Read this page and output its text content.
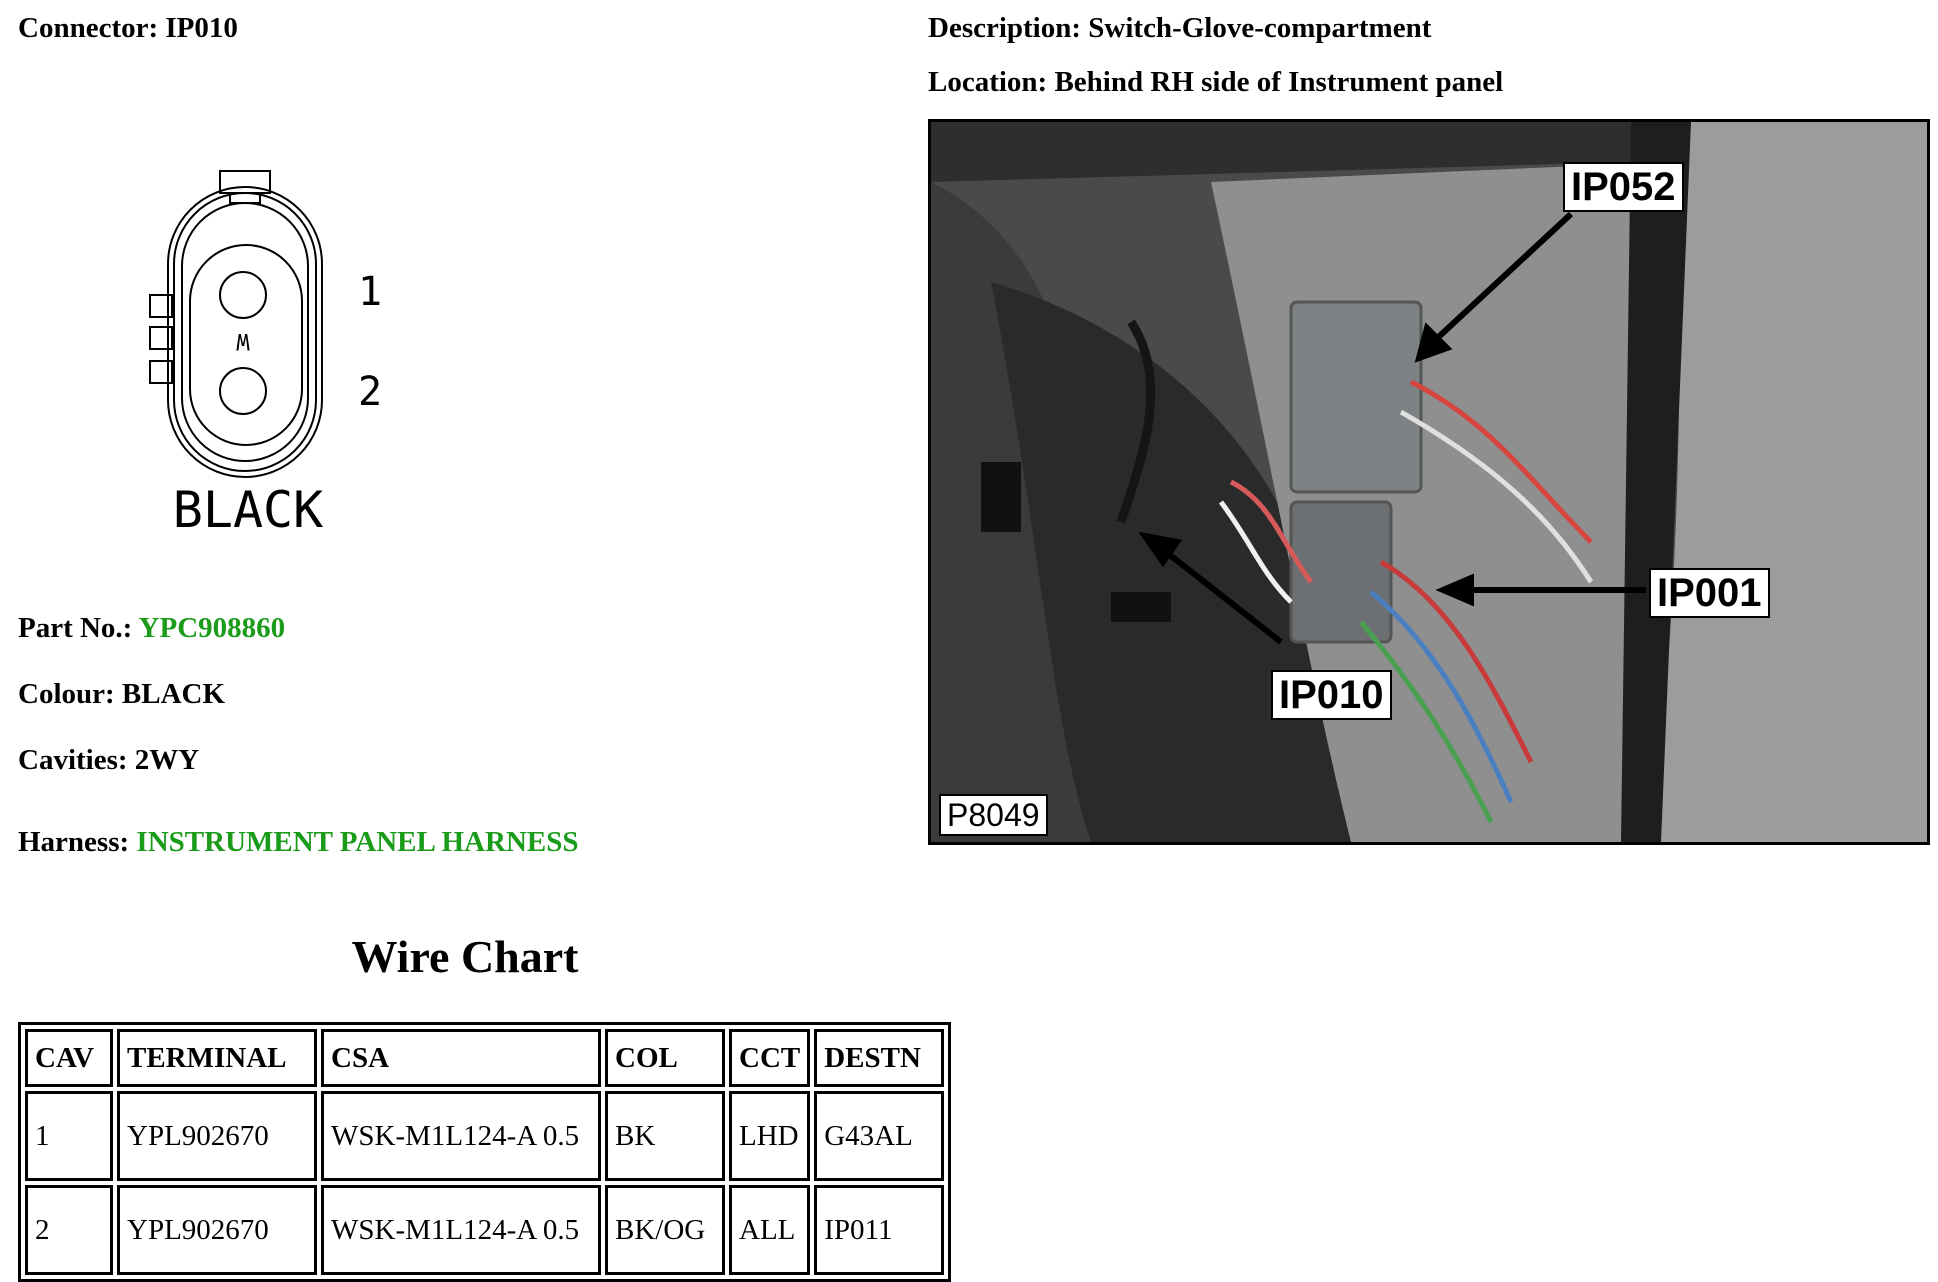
Connector: IP010	Description: Switch-Glove-compartment
Location: Behind RH side of Instrument panel
W
1
2
BLACK
Part No.: YPC908860
Colour: BLACK
Cavities: 2WY
Harness: INSTRUMENT PANEL HARNESS
IP052
IP001
IP010
P8049
Wire Chart
CAV	TERMINAL	CSA	COL	CCT	DESTN
1	YPL902670	WSK-M1L124-A 0.5	BK	LHD	G43AL
2	YPL902670	WSK-M1L124-A 0.5	BK/OG	ALL	IP011
